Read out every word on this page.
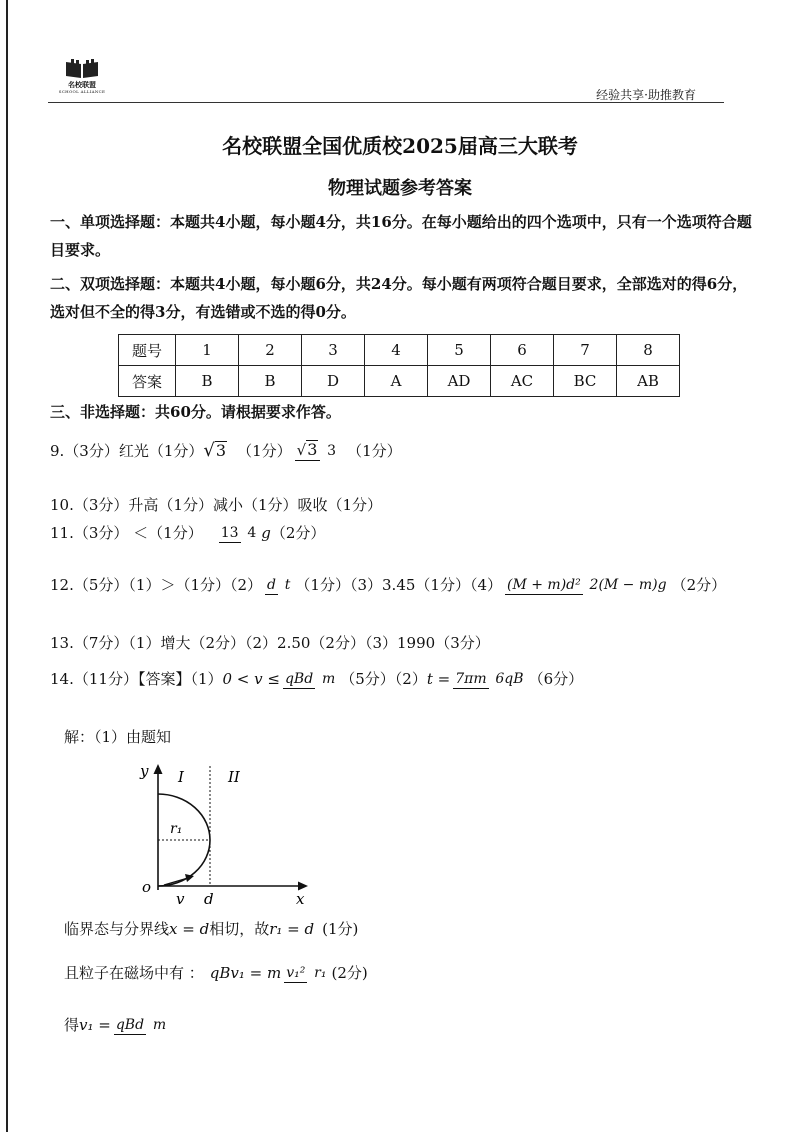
名校联盟
SCHOOL ALLIANCE	经验共享·助推教育
名校联盟全国优质校2025届高三大联考
物理试题参考答案
一、单项选择题：本题共4小题，每小题4分，共16分。在每小题给出的四个选项中，只有一个选项符合题目要求。
二、双项选择题：本题共4小题，每小题6分，共24分。每小题有两项符合题目要求，全部选对的得6分，选对但不全的得3分，有选错或不选的得0分。
题号	1	2	3	4	5	6	7	8
答案	B	B	D	A	AD	AC	BC	AB
三、非选择题：共60分。请根据要求作答。
9.（3分）红光（1分） √3 （1分） √3 3 （1分）
10.（3分）升高（1分）减小（1分）吸收（1分）
11.（3分） ＜（1分） 13 4 g （2分）
12.（5分）（1）＞（1分）（2） d t （1分）（3）3.45（1分）（4） (M + m)d² 2(M − m)g （2分）
13.（7分）（1）增大（2分）（2）2.50（2分）（3）1990（3分）
14.（11分）【答案】（1） 0 < v ≤ qBd m （5分）（2） t = 7πm 6qB （6分）
解：（1）由题知
y I	II
r₁
o
v d	x
临界态与分界线 x = d 相切，故 r₁ = d (1分)
且粒子在磁场中有 ： qBv₁ = m v₁² r₁ (2分)
得 v₁ = qBd m
